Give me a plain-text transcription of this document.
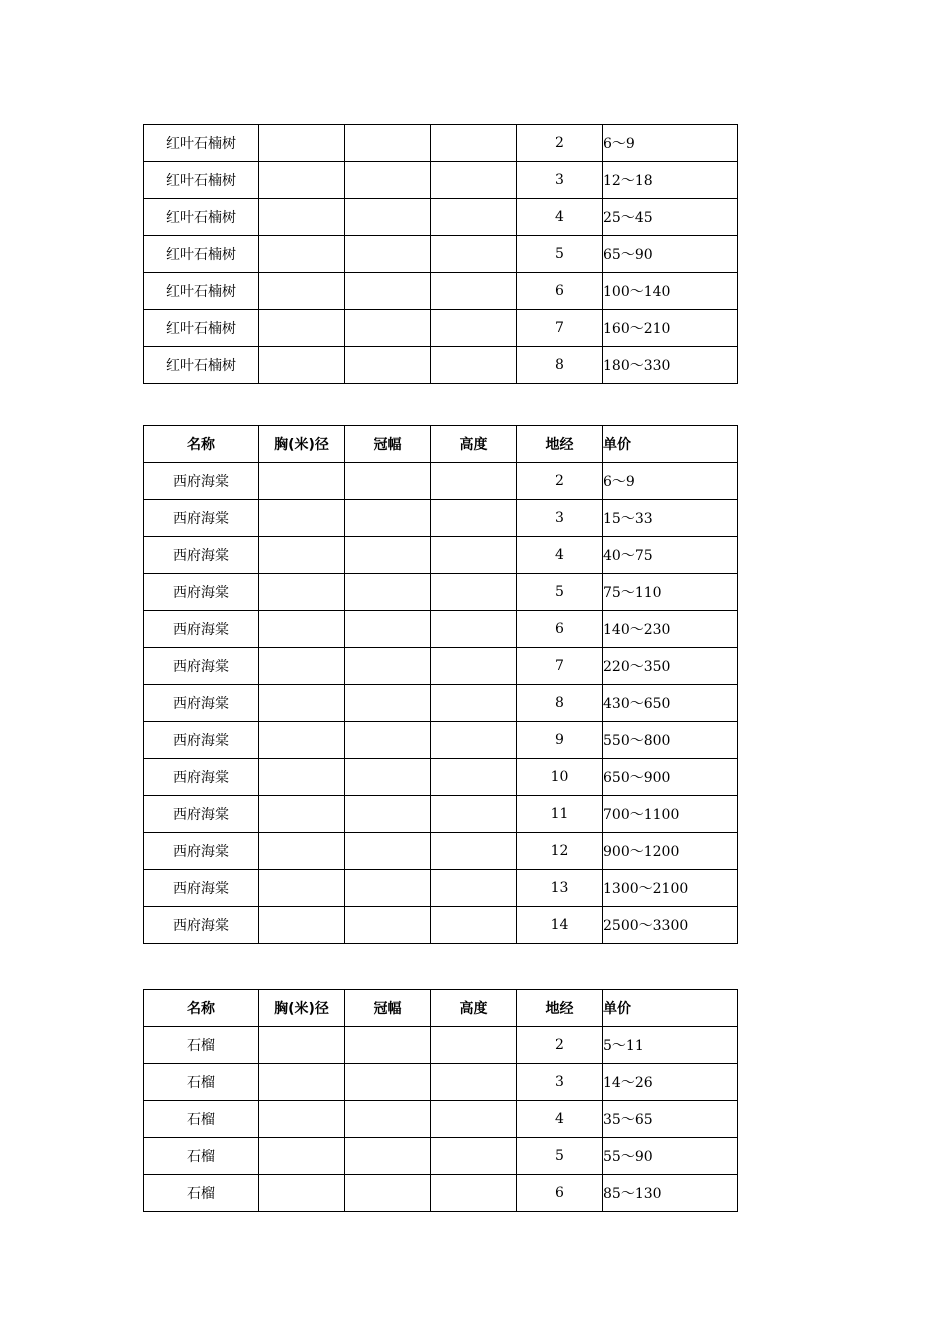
红叶石楠树				2	6～9
红叶石楠树				3	12～18
红叶石楠树				4	25～45
红叶石楠树				5	65～90
红叶石楠树				6	100～140
红叶石楠树				7	160～210
红叶石楠树				8	180～330
名称	胸(米)径	冠幅	高度	地经	单价
西府海棠				2	6～9
西府海棠				3	15～33
西府海棠				4	40～75
西府海棠				5	75～110
西府海棠				6	140～230
西府海棠				7	220～350
西府海棠				8	430～650
西府海棠				9	550～800
西府海棠				10	650～900
西府海棠				11	700～1100
西府海棠				12	900～1200
西府海棠				13	1300～2100
西府海棠				14	2500～3300
名称	胸(米)径	冠幅	高度	地经	单价
石榴				2	5～11
石榴				3	14～26
石榴				4	35～65
石榴				5	55～90
石榴				6	85～130
